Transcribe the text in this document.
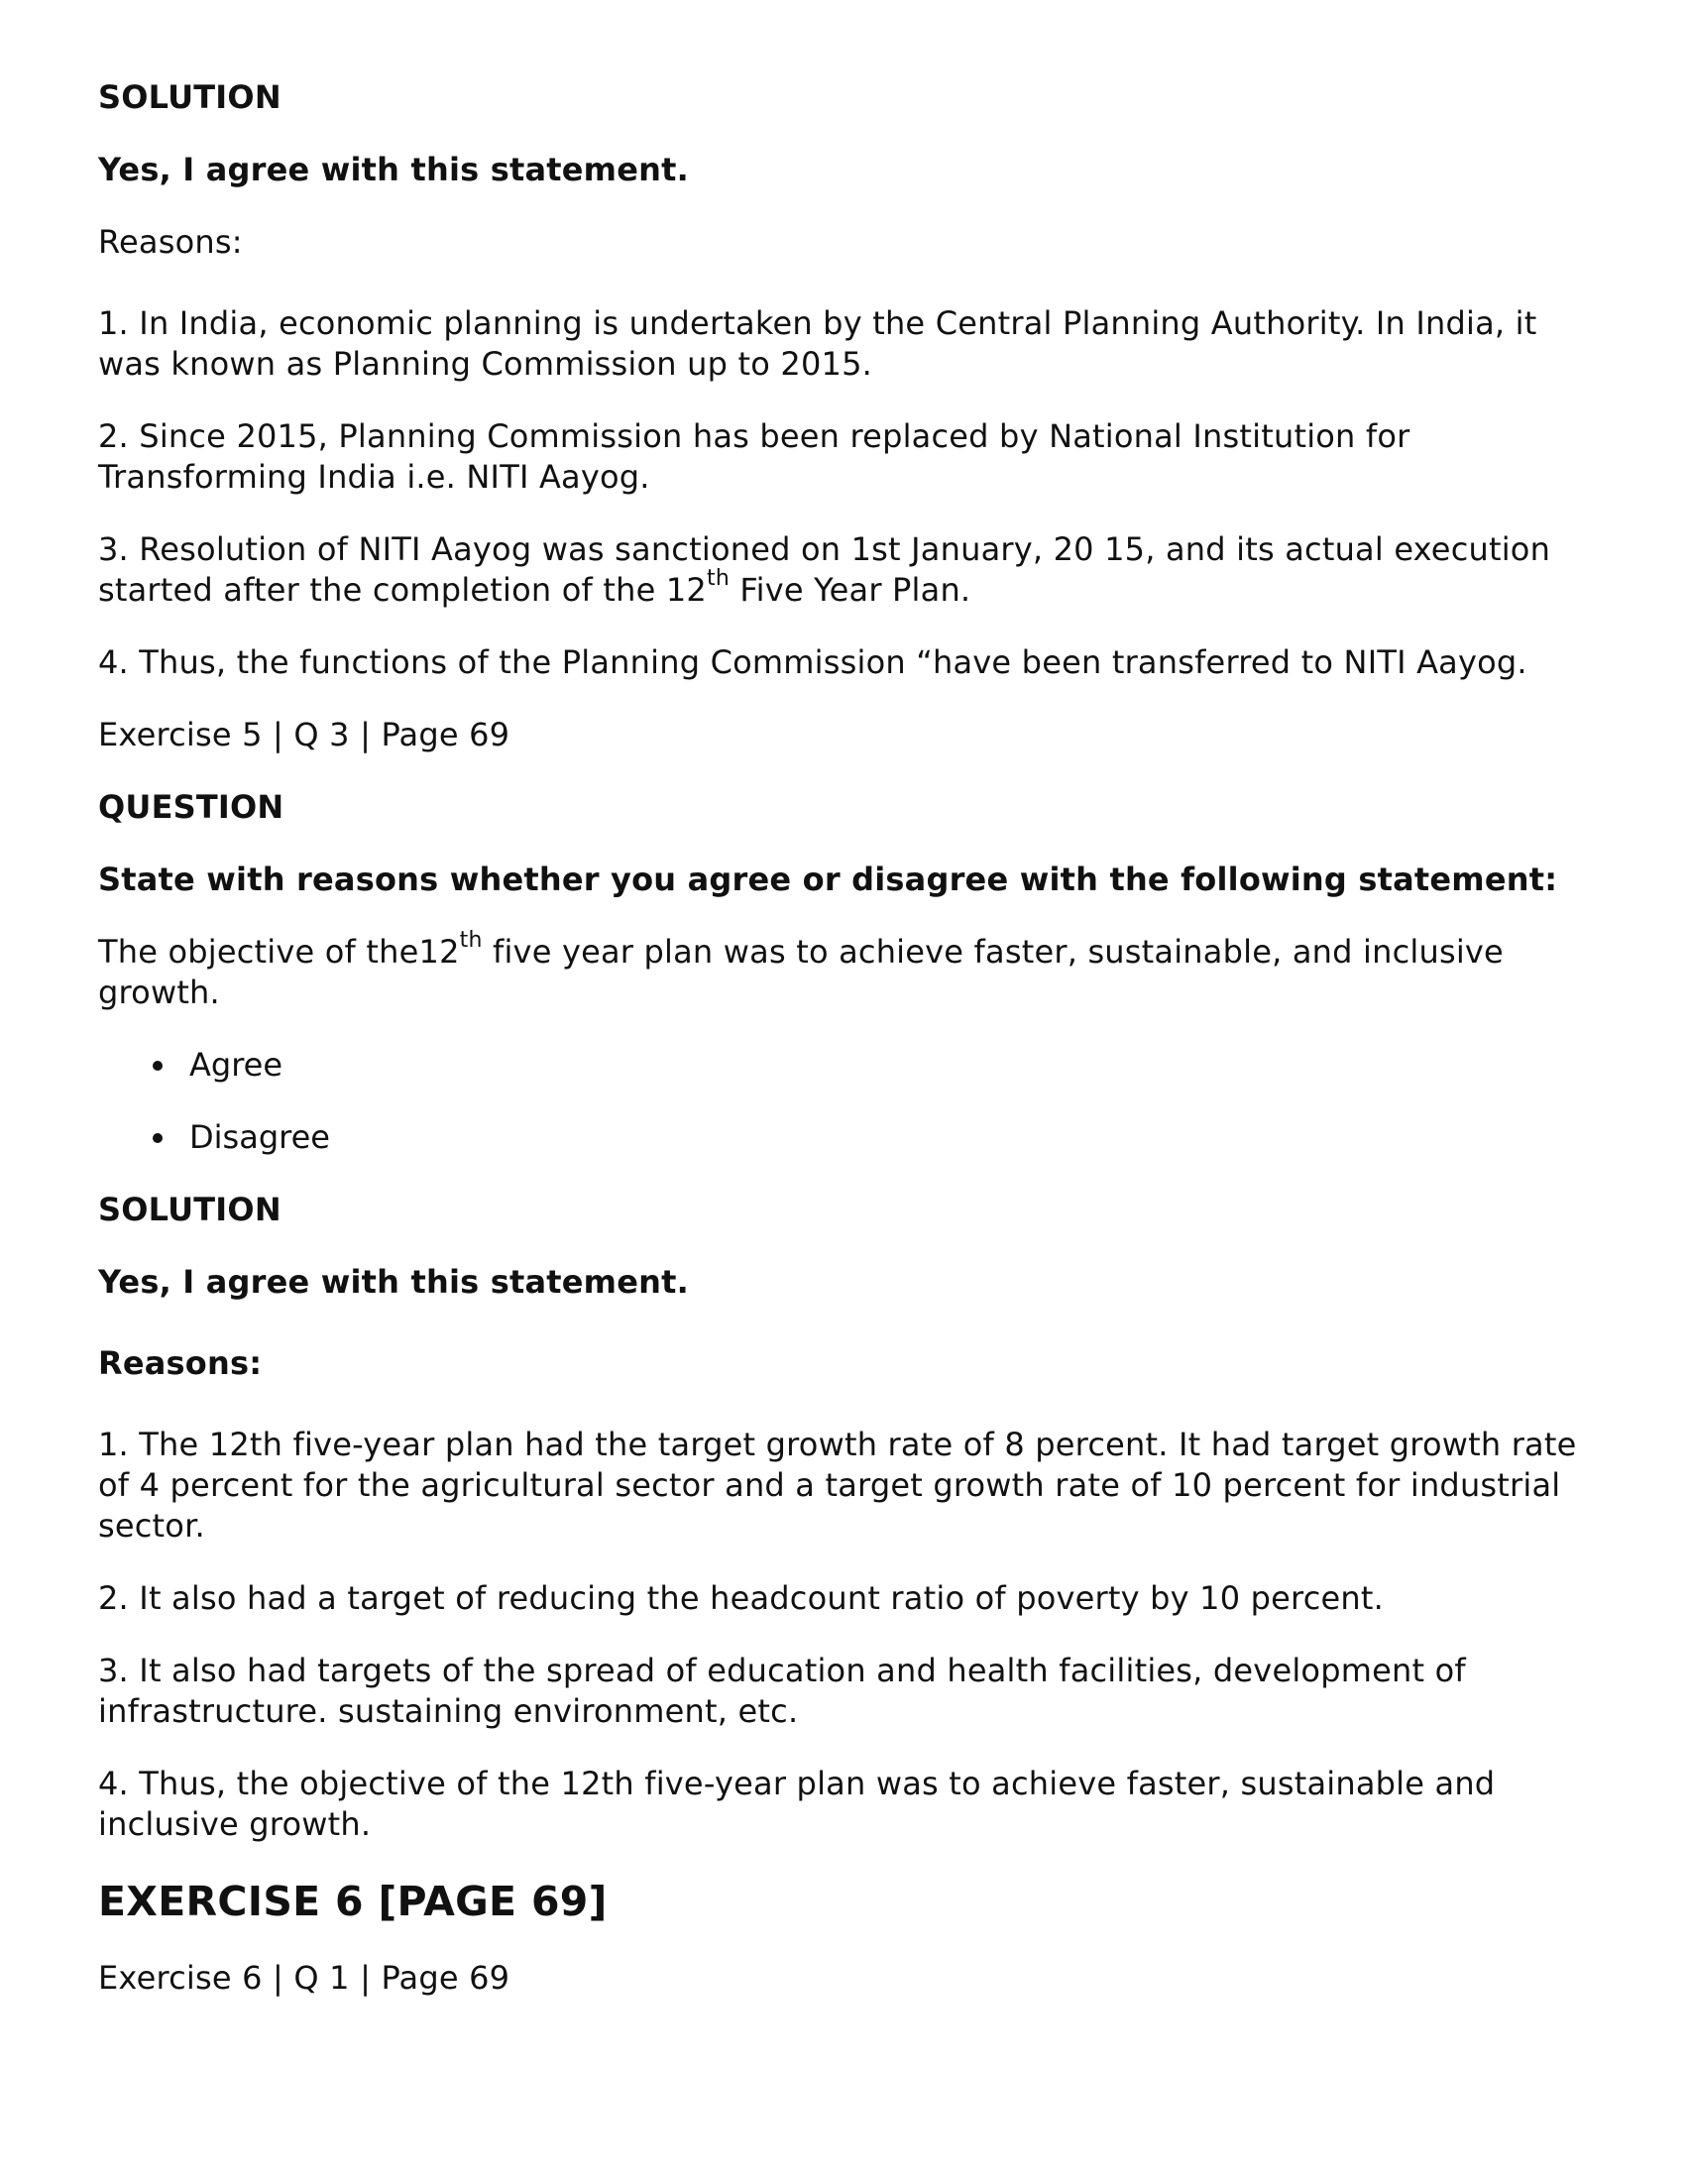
SOLUTION
Yes, I agree with this statement.
Reasons:
1. In India, economic planning is undertaken by the Central Planning Authority. In India, it was known as Planning Commission up to 2015.
2. Since 2015, Planning Commission has been replaced by National Institution for Transforming India i.e. NITI Aayog.
3. Resolution of NITI Aayog was sanctioned on 1st January, 20 15, and its actual execution started after the completion of the 12th Five Year Plan.
4. Thus, the functions of the Planning Commission “have been transferred to NITI Aayog.
Exercise 5 | Q 3 | Page 69
QUESTION
State with reasons whether you agree or disagree with the following statement:
The objective of the12th five year plan was to achieve faster, sustainable, and inclusive growth.
Agree
Disagree
SOLUTION
Yes, I agree with this statement.
Reasons:
1. The 12th five-year plan had the target growth rate of 8 percent. It had target growth rate of 4 percent for the agricultural sector and a target growth rate of 10 percent for industrial sector.
2. It also had a target of reducing the headcount ratio of poverty by 10 percent.
3. It also had targets of the spread of education and health facilities, development of infrastructure. sustaining environment, etc.
4. Thus, the objective of the 12th five-year plan was to achieve faster, sustainable and inclusive growth.
EXERCISE 6 [PAGE 69]
Exercise 6 | Q 1 | Page 69
